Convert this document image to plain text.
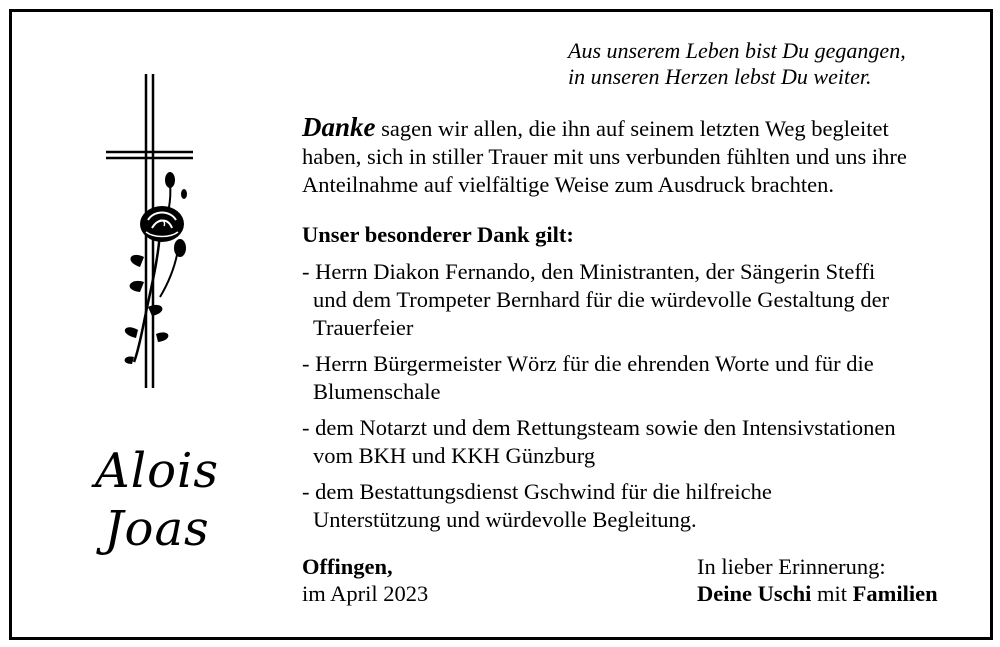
Aus unserem Leben bist Du gegangen,
in unseren Herzen lebst Du weiter.
Danke sagen wir allen, die ihn auf seinem letzten Weg begleitet
haben, sich in stiller Trauer mit uns verbunden fühlten und uns ihre
Anteilnahme auf vielfältige Weise zum Ausdruck brachten.
Unser besonderer Dank gilt:
- Herrn Diakon Fernando, den Ministranten, der Sängerin Steffi
und dem Trompeter Bernhard für die würdevolle Gestaltung der
Trauerfeier
- Herrn Bürgermeister Wörz für die ehrenden Worte und für die
Blumenschale
- dem Notarzt und dem Rettungsteam sowie den Intensivstationen
vom BKH und KKH Günzburg
- dem Bestattungsdienst Gschwind für die hilfreiche
Unterstützung und würdevolle Begleitung.
Alois
Joas
Offingen,
im April 2023
In lieber Erinnerung:
Deine Uschi mit Familien
